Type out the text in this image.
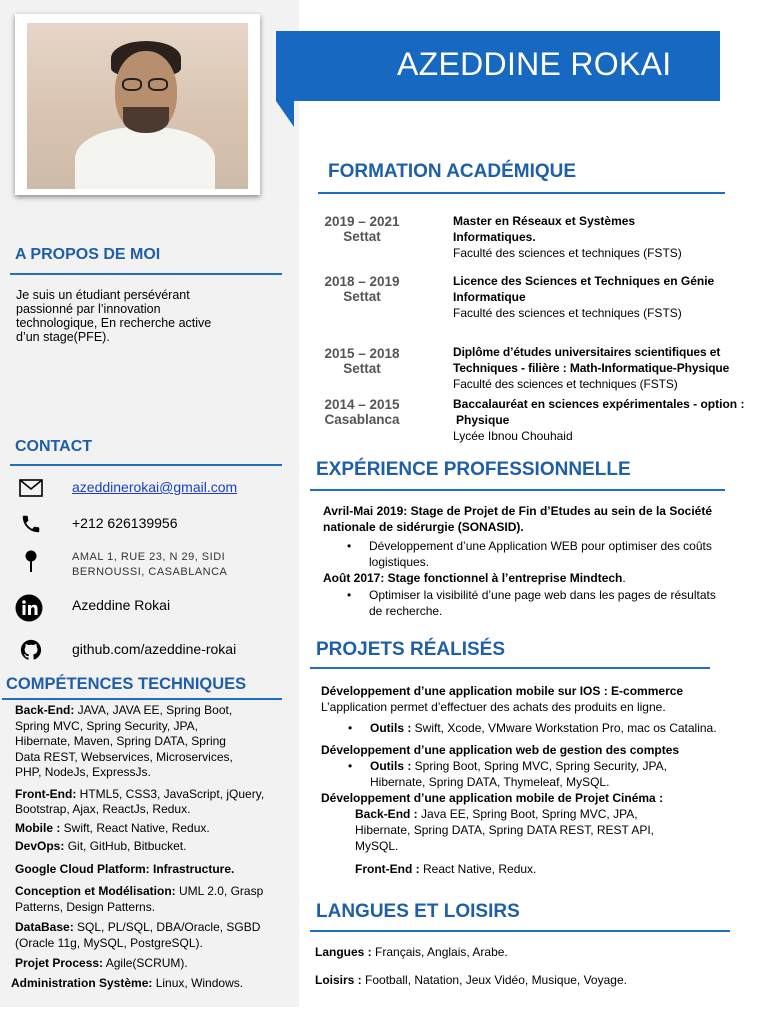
AZEDDINE ROKAI
A PROPOS DE MOI
Je suis un étudiant persévérant
passionné par l’innovation
technologique, En recherche active
d’un stage(PFE).
CONTACT
azeddinerokai@gmail.com
+212 626139956
AMAL 1, RUE 23, N 29, SIDI
BERNOUSSI, CASABLANCA
Azeddine Rokai
github.com/azeddine-rokai
COMPÉTENCES TECHNIQUES

Back-End: JAVA, JAVA EE, Spring Boot,
Spring MVC, Spring Security, JPA,
Hibernate, Maven, Spring DATA, Spring
Data REST, Webservices, Microservices,
PHP, NodeJs, ExpressJs.

Front-End: HTML5, CSS3, JavaScript, jQuery,
Bootstrap, Ajax, ReactJs, Redux.

Mobile : Swift, React Native, Redux.

DevOps: Git, GitHub, Bitbucket.

Google Cloud Platform: Infrastructure.

Conception et Modélisation: UML 2.0, Grasp
Patterns, Design Patterns.

DataBase: SQL, PL/SQL, DBA/Oracle, SGBD
(Oracle 11g, MySQL, PostgreSQL).

Projet Process: Agile(SCRUM).

Administration Système: Linux, Windows.

FORMATION ACADÉMIQUE
2019 – 2021
Settat
Master en Réseaux et Systèmes
Informatiques.
Faculté des sciences et techniques (FSTS)
2018 – 2019
Settat
Licence des Sciences et Techniques en Génie
Informatique
Faculté des sciences et techniques (FSTS)
2015 – 2018
Settat
Diplôme d’études universitaires scientifiques et
Techniques - filière : Math-Informatique-Physique
Faculté des sciences et techniques (FSTS)
2014 – 2015
Casablanca
Baccalauréat en sciences expérimentales - option :
Physique
Lycée Ibnou Chouhaid
EXPÉRIENCE PROFESSIONNELLE
Avril-Mai 2019: Stage de Projet de Fin d’Etudes au sein de la Société
nationale de sidérurgie (SONASID).
• Développement d’une Application WEB pour optimiser des coûts
logistiques.
Août 2017: Stage fonctionnel à l’entreprise Mindtech.
• Optimiser la visibilité d’une page web dans les pages de résultats
de recherche.
PROJETS RÉALISÉS
Développement d’une application mobile sur IOS : E-commerce
L’application permet d’effectuer des achats des produits en ligne.
• Outils : Swift, Xcode, VMware Workstation Pro, mac os Catalina.
Développement d’une application web de gestion des comptes
• Outils : Spring Boot, Spring MVC, Spring Security, JPA,
Hibernate, Spring DATA, Thymeleaf, MySQL.
Développement d’une application mobile de Projet Cinéma :
Back-End : Java EE, Spring Boot, Spring MVC, JPA,
Hibernate, Spring DATA, Spring DATA REST, REST API,
MySQL.
Front-End : React Native, Redux.
LANGUES ET LOISIRS
Langues : Français, Anglais, Arabe.
Loisirs : Football, Natation, Jeux Vidéo, Musique, Voyage.
